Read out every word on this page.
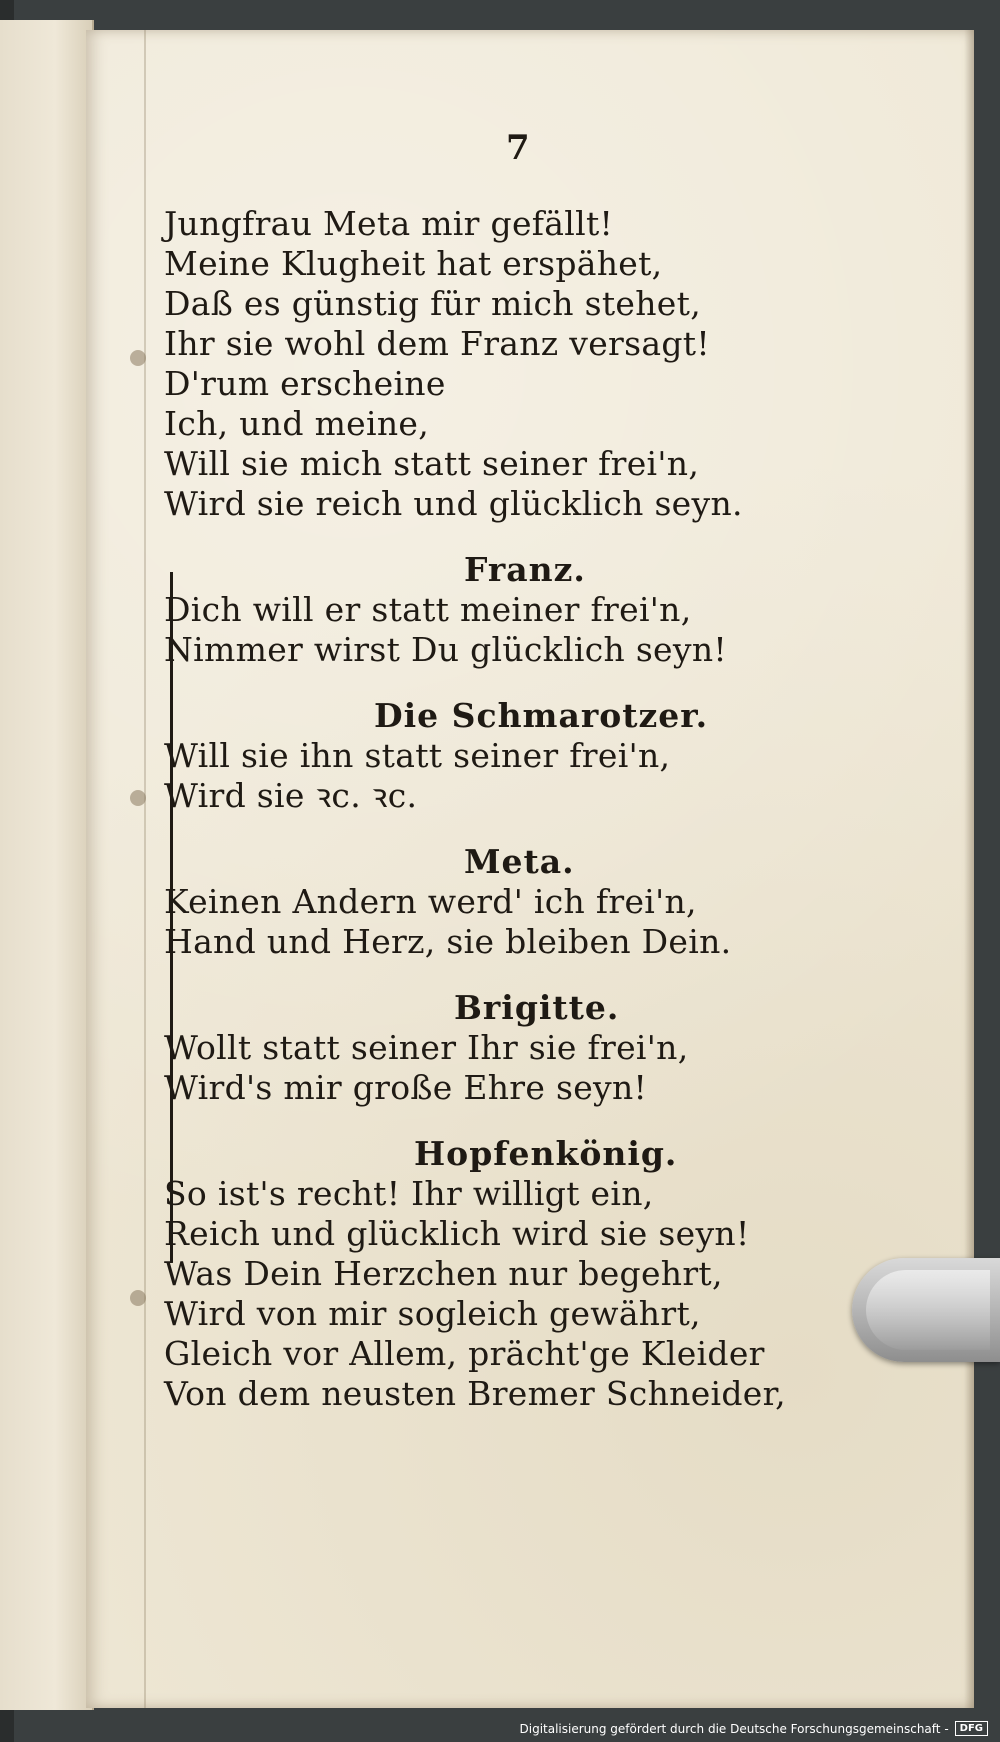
7
Jungfrau Meta mir gefällt!
Meine Klugheit hat erspähet,
Daß es günstig für mich stehet,
Ihr sie wohl dem Franz versagt!
D'rum erscheine
Ich, und meine,
Will sie mich statt seiner frei'n,
Wird sie reich und glücklich seyn.
Franz.
Dich will er statt meiner frei'n,
Nimmer wirst Du glücklich seyn!
Die Schmarotzer.
Will sie ihn statt seiner frei'n,
Wird sie ꝛc. ꝛc.
Meta.
Keinen Andern werd' ich frei'n,
Hand und Herz, sie bleiben Dein.
Brigitte.
Wollt statt seiner Ihr sie frei'n,
Wird's mir große Ehre seyn!
Hopfenkönig.
So ist's recht! Ihr willigt ein,
Reich und glücklich wird sie seyn!
Was Dein Herzchen nur begehrt,
Wird von mir sogleich gewährt,
Gleich vor Allem, prächt'ge Kleider
Von dem neusten Bremer Schneider,
Digitalisierung gefördert durch die Deutsche Forschungsgemeinschaft -	DFG
